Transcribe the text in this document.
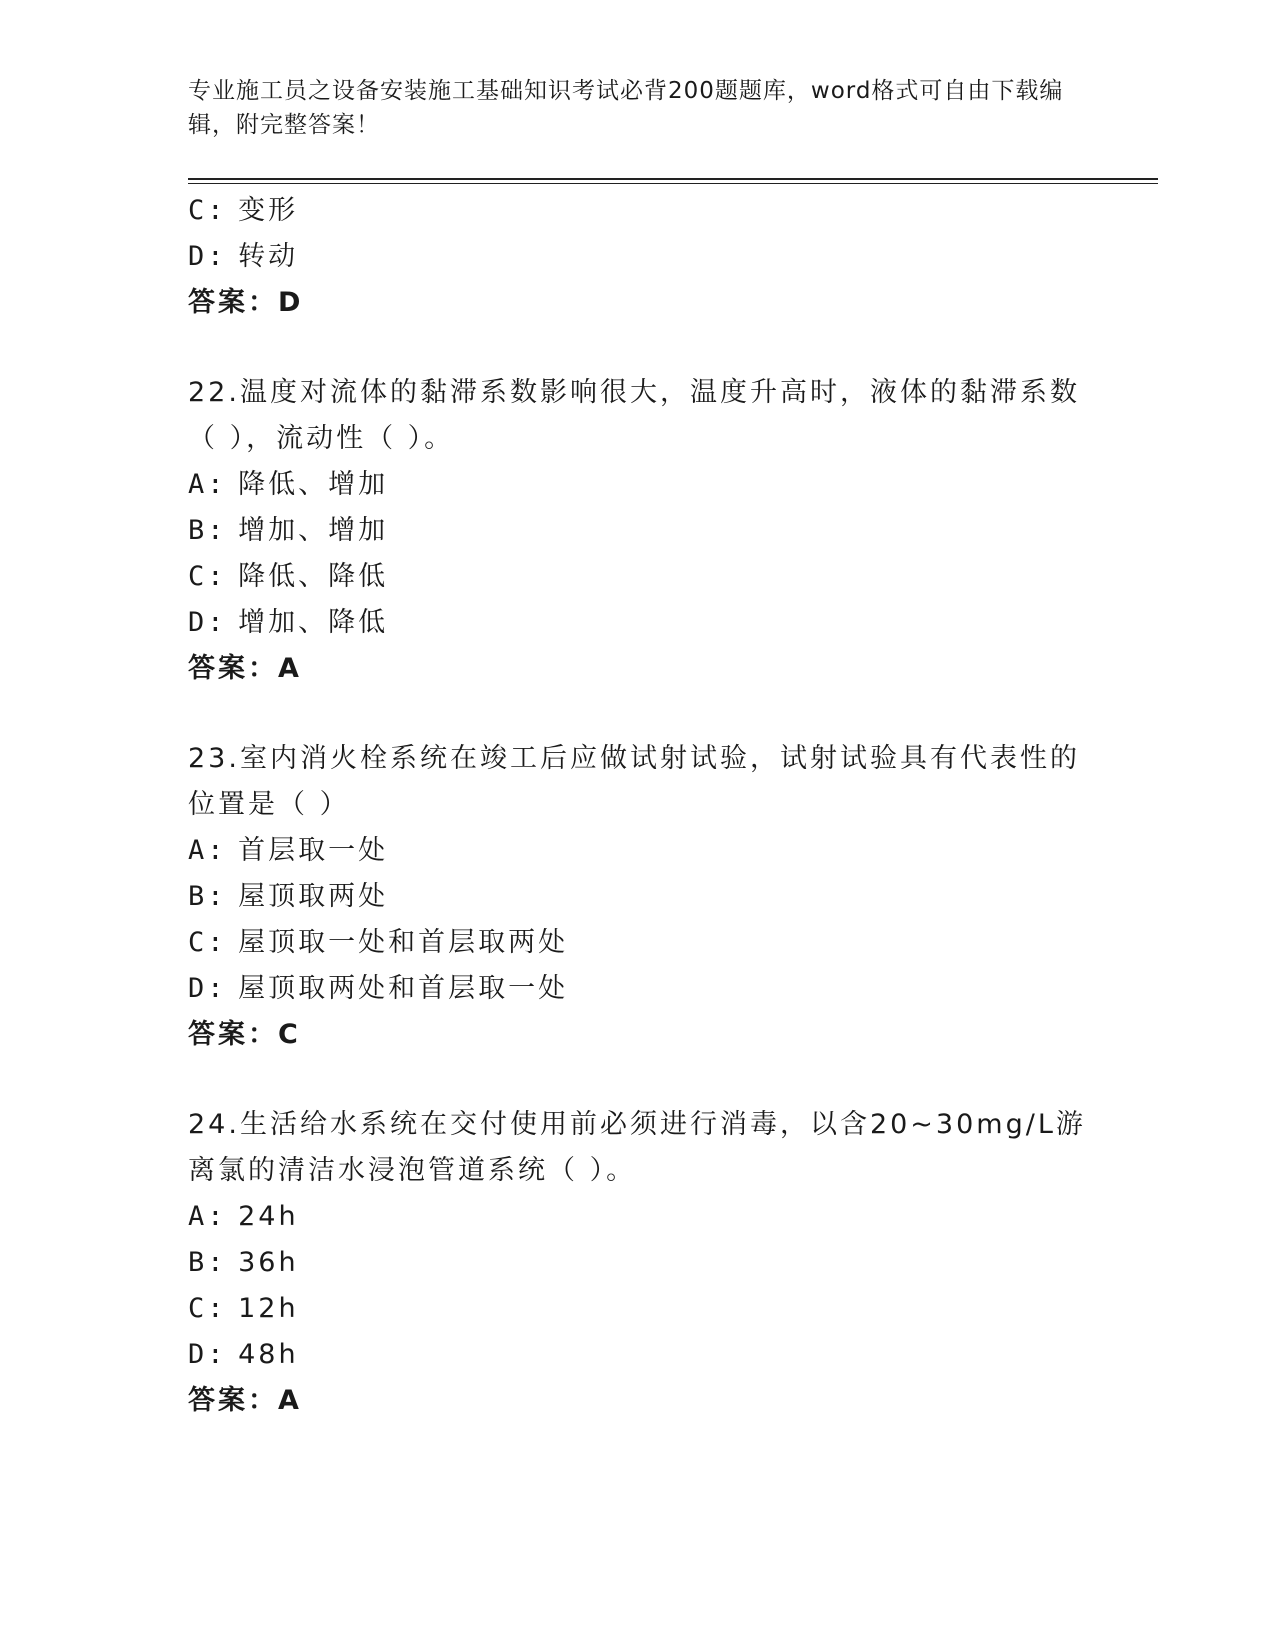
专业施工员之设备安装施工基础知识考试必背200题题库，word格式可自由下载编辑，附完整答案！
C: 变形
D: 转动
答案：D
22.温度对流体的黏滞系数影响很大，温度升高时，液体的黏滞系数（ ），流动性（ ）。
A: 降低、增加
B: 增加、增加
C: 降低、降低
D: 增加、降低
答案：A
23.室内消火栓系统在竣工后应做试射试验，试射试验具有代表性的位置是（ ）
A: 首层取一处
B: 屋顶取两处
C: 屋顶取一处和首层取两处
D: 屋顶取两处和首层取一处
答案：C
24.生活给水系统在交付使用前必须进行消毒，以含20~30mg/L游离氯的清洁水浸泡管道系统（ ）。
A: 24h
B: 36h
C: 12h
D: 48h
答案：A
